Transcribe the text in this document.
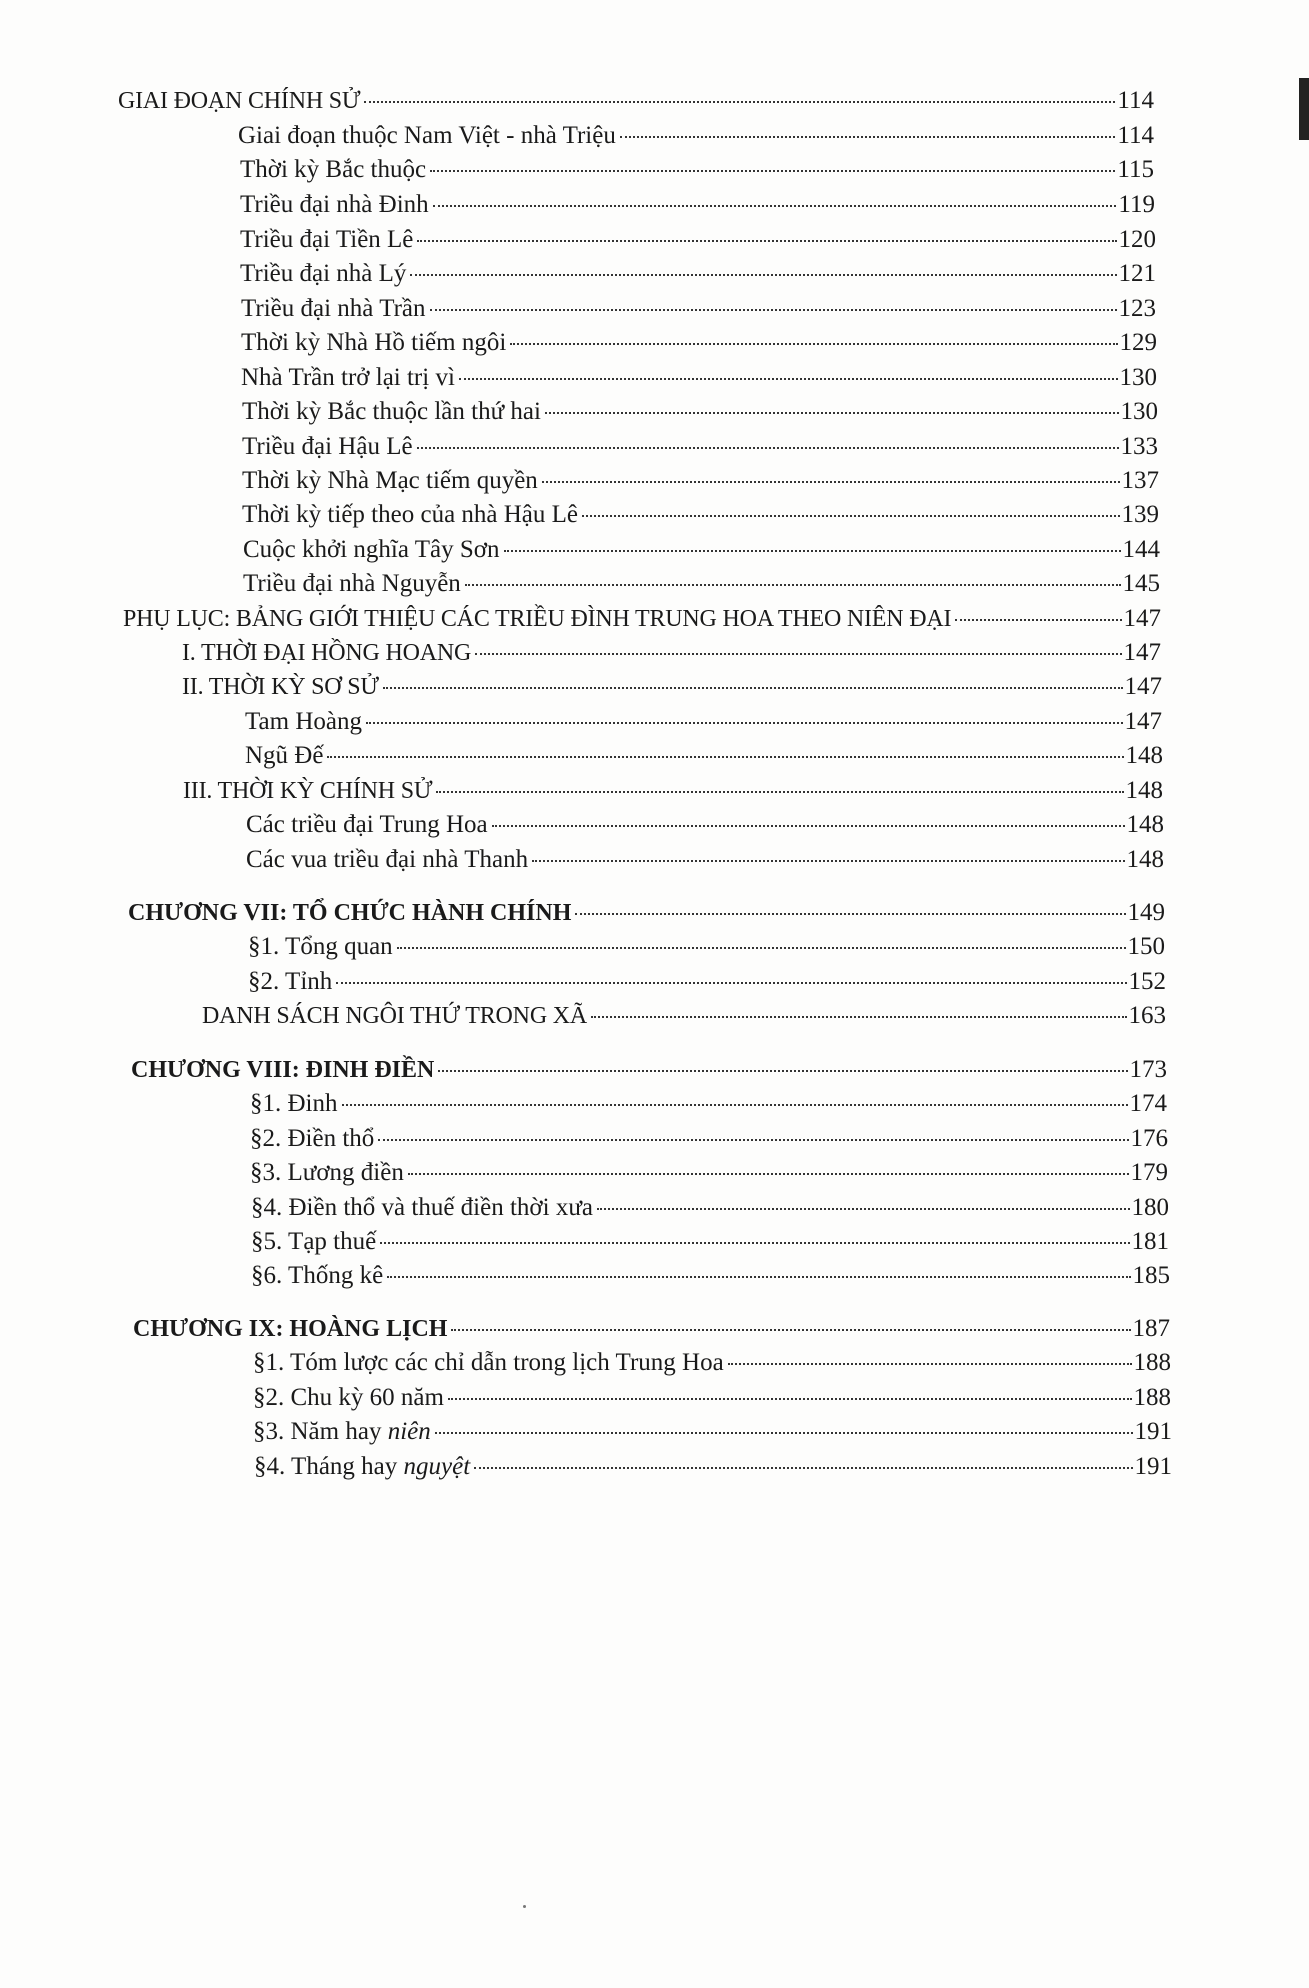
GIAI ĐOẠN CHÍNH SỬ	114
Giai đoạn thuộc Nam Việt - nhà Triệu	114
Thời kỳ Bắc thuộc	115
Triều đại nhà Đinh	119
Triều đại Tiền Lê	120
Triều đại nhà Lý	121
Triều đại nhà Trần	123
Thời kỳ Nhà Hồ tiếm ngôi	129
Nhà Trần trở lại trị vì	130
Thời kỳ Bắc thuộc lần thứ hai	130
Triều đại Hậu Lê	133
Thời kỳ Nhà Mạc tiếm quyền	137
Thời kỳ tiếp theo của nhà Hậu Lê	139
Cuộc khởi nghĩa Tây Sơn	144
Triều đại nhà Nguyễn	145
PHỤ LỤC: BẢNG GIỚI THIỆU CÁC TRIỀU ĐÌNH TRUNG HOA THEO NIÊN ĐẠI	147
I. THỜI ĐẠI HỒNG HOANG	147
II. THỜI KỲ SƠ SỬ	147
Tam Hoàng	147
Ngũ Đế	148
III. THỜI KỲ CHÍNH SỬ	148
Các triều đại Trung Hoa	148
Các vua triều đại nhà Thanh	148
CHƯƠNG VII: TỔ CHỨC HÀNH CHÍNH	149
§1. Tổng quan	150
§2. Tỉnh	152
DANH SÁCH NGÔI THỨ TRONG XÃ	163
CHƯƠNG VIII: ĐINH ĐIỀN	173
§1. Đinh	174
§2. Điền thổ	176
§3. Lương điền	179
§4. Điền thổ và thuế điền thời xưa	180
§5. Tạp thuế	181
§6. Thống kê	185
CHƯƠNG IX: HOÀNG LỊCH	187
§1. Tóm lược các chỉ dẫn trong lịch Trung Hoa	188
§2. Chu kỳ 60 năm	188
§3. Năm hay niên	191
§4. Tháng hay nguyệt	191
